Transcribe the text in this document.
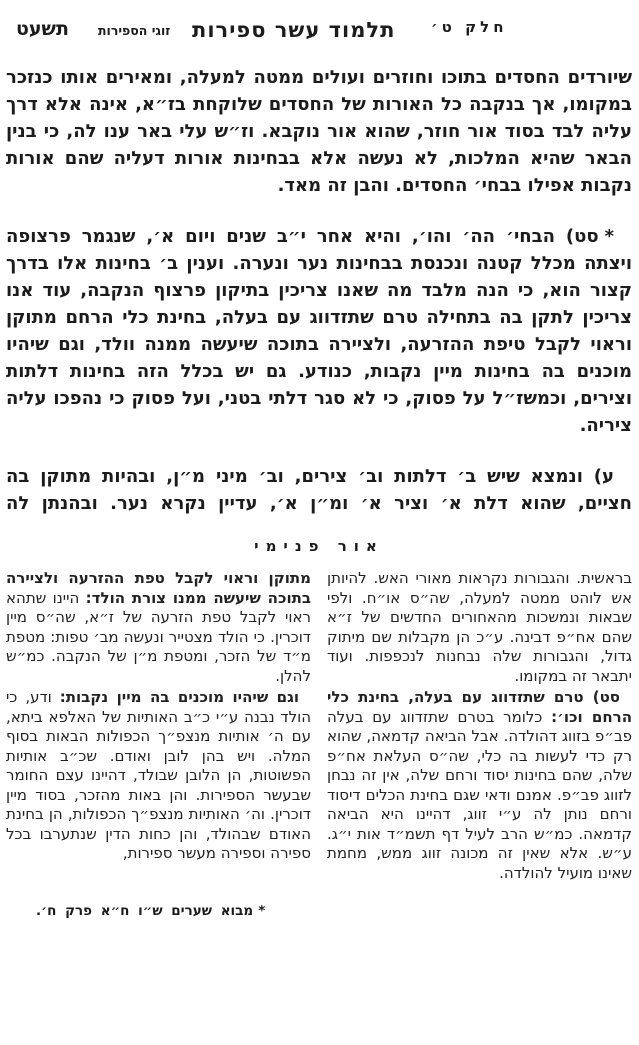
חלק ט׳
תלמוד עשר ספירות
זוגי הספירות
תשעט

שיורדים החסדים בתוכו וחוזרים ועולים ממטה למעלה, ומאירים אותו כנזכר במקומו, אך בנקבה כל האורות של החסדים שלוקחת בז״א, אינה אלא דרך עליה לבד בסוד אור חוזר, שהוא אור נוקבא. וז״ש עלי באר ענו לה, כי בנין הבאר שהיא המלכות, לא נעשה אלא בבחינות אורות דעליה שהם אורות נקבות אפילו בבחי׳ החסדים. והבן זה מאד.

*סט) הבחי׳ הה׳ והו׳, והיא אחר י״ב שנים ויום א׳, שנגמר פרצופה ויצתה מכלל קטנה ונכנסת בבחינות נער ונערה. וענין ב׳ בחינות אלו בדרך קצור הוא, כי הנה מלבד מה שאנו צריכין בתיקון פרצוף הנקבה, עוד אנו צריכין לתקן בה בתחילה טרם שתזדווג עם בעלה, בחינת כלי הרחם מתוקן וראוי לקבל טיפת ההזרעה, ולציירה בתוכה שיעשה ממנה וולד, וגם שיהיו מוכנים בה בחינות מיין נקבות, כנודע. גם יש בכלל הזה בחינות דלתות וצירים, וכמשז״ל על פסוק, כי לא סגר דלתי בטני, ועל פסוק כי נהפכו עליה ציריה.

ע) ונמצא שיש ב׳ דלתות וב׳ צירים, וב׳ מיני מ״ן, ובהיות מתוקן בה חציים, שהוא דלת א׳ וציר א׳ ומ״ן א׳, עדיין נקרא נער. ובהנתן לה

אור פנימי

בראשית. והגבורות נקראות מאורי האש. להיותן אש לוהט ממטה למעלה, שה״ס או״ח. ולפי שבאות ונמשכות מהאחורים החדשים של ז״א שהם אח״פ דבינה. ע״כ הן מקבלות שם מיתוק גדול, והגבורות שלה נבחנות לנכפפות. ועוד יתבאר זה במקומו.

סט) טרם שתזדווג עם בעלה, בחינת כלי הרחם וכו׳: כלומר בטרם שתזדווג עם בעלה פב״פ בזווג דהולדה. אבל הביאה קדמאה, שהוא רק כדי לעשות בה כלי, שה״ס העלאת אח״פ שלה, שהם בחינות יסוד ורחם שלה, אין זה נבחן לזווג פב״פ. אמנם ודאי שגם בחינת הכלים דיסוד ורחם נותן לה ע״י זווג, דהיינו היא הביאה קדמאה. כמ״ש הרב לעיל דף תשמ״ד אות י״ג. ע״ש. אלא שאין זה מכונה זווג ממש, מחמת שאינו מועיל להולדה.

מתוקן וראוי לקבל טפת ההזרעה ולציירה בתוכה שיעשה ממנו צורת הולד: היינו שתהא ראוי לקבל טפת הזרעה של ז״א, שה״ס מיין דוכרין. כי הולד מצטייר ונעשה מב׳ טפות: מטפת מ״ד של הזכר, ומטפת מ״ן של הנקבה. כמ״ש להלן.

וגם שיהיו מוכנים בה מיין נקבות: ודע, כי הולד נבנה ע״י כ״ב האותיות של האלפא ביתא, עם ה׳ אותיות מנצפ״ך הכפולות הבאות בסוף המלה. ויש בהן לובן ואודם. שכ״ב אותיות הפשוטות, הן הלובן שבולד, דהיינו עצם החומר שבעשר הספירות. והן באות מהזכר, בסוד מיין דוכרין. וה׳ האותיות מנצפ״ך הכפולות, הן בחינת האודם שבהולד, והן כחות הדין שנתערבו בכל ספירה וספירה מעשר ספירות,

*מבוא שערים ש״ו ח״א פרק ח׳.
